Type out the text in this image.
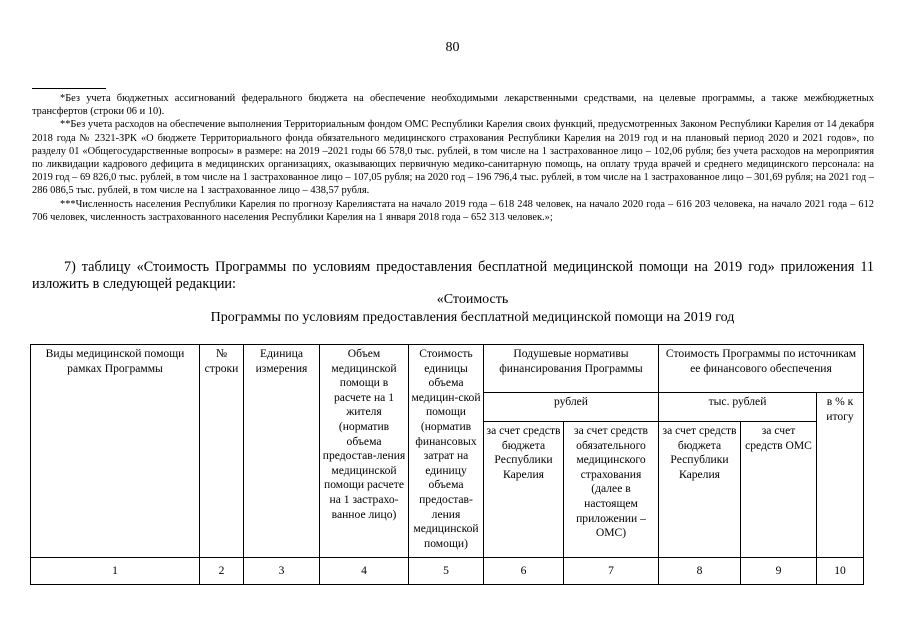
80

*Без учета бюджетных ассигнований федерального бюджета на обеспечение необходимыми лекарственными средствами, на целевые программы, а также межбюджетных трансфертов (строки 06 и 10).

**Без учета расходов на обеспечение выполнения Территориальным фондом ОМС Республики Карелия своих функций, предусмотренных Законом Республики Карелия от 14 декабря 2018 года № 2321-ЗРК «О бюджете Территориального фонда обязательного медицинского страхования Республики Карелия на 2019 год и на плановый период 2020 и 2021 годов», по разделу 01 «Общегосударственные вопросы» в размере: на 2019 –2021 годы 66 578,0 тыс. рублей, в том числе на 1 застрахованное лицо – 102,06 рубля; без учета расходов на мероприятия по ликвидации кадрового дефицита в медицинских организациях, оказывающих первичную медико-санитарную помощь, на оплату труда врачей и среднего медицинского персонала: на 2019 год – 69 826,0 тыс. рублей, в том числе на 1 застрахованное лицо – 107,05 рубля; на 2020 год – 196 796,4 тыс. рублей, в том числе на 1 застрахованное лицо – 301,69 рубля; на 2021 год – 286 086,5 тыс. рублей, в том числе на 1 застрахованное лицо – 438,57 рубля.

***Численность населения Республики Карелия по прогнозу Карелиястата на начало 2019 года – 618 248 человек, на начало 2020 года – 616 203 человека, на начало 2021 года – 612 706 человек, численность застрахованного населения Республики Карелия на 1 января 2018 года – 652 313 человек.»;

7) таблицу «Стоимость Программы по условиям предоставления бесплатной медицинской помощи на 2019 год» приложения 11 изложить в следующей редакции:

«Стоимость
Программы по условиям предоставления бесплатной медицинской помощи на 2019 год
Виды медицинской помощи рамках Программы	№ строки	Единица измерения	Объем медицинской помощи в расчете на 1 жителя (норматив объема предостав-ления медицинской помощи расчете на 1 застрахо-ванное лицо)	Стоимость единицы объема медицин-ской помощи (норматив финансовых затрат на единицу объема предостав-ления медицинской помощи)	Подушевые нормативы финансирования Программы		Стоимость Программы по источникам ее финансового обеспечения		
					рублей		тыс. рублей		в % к итогу
					за счет средств бюджета Республики Карелия	за счет средств обязательного медицинского страхования (далее в настоящем приложении – ОМС)	за счет средств бюджета Республики Карелия	за счет средств ОМС	
1	2	3	4	5	6	7	8	9	10
